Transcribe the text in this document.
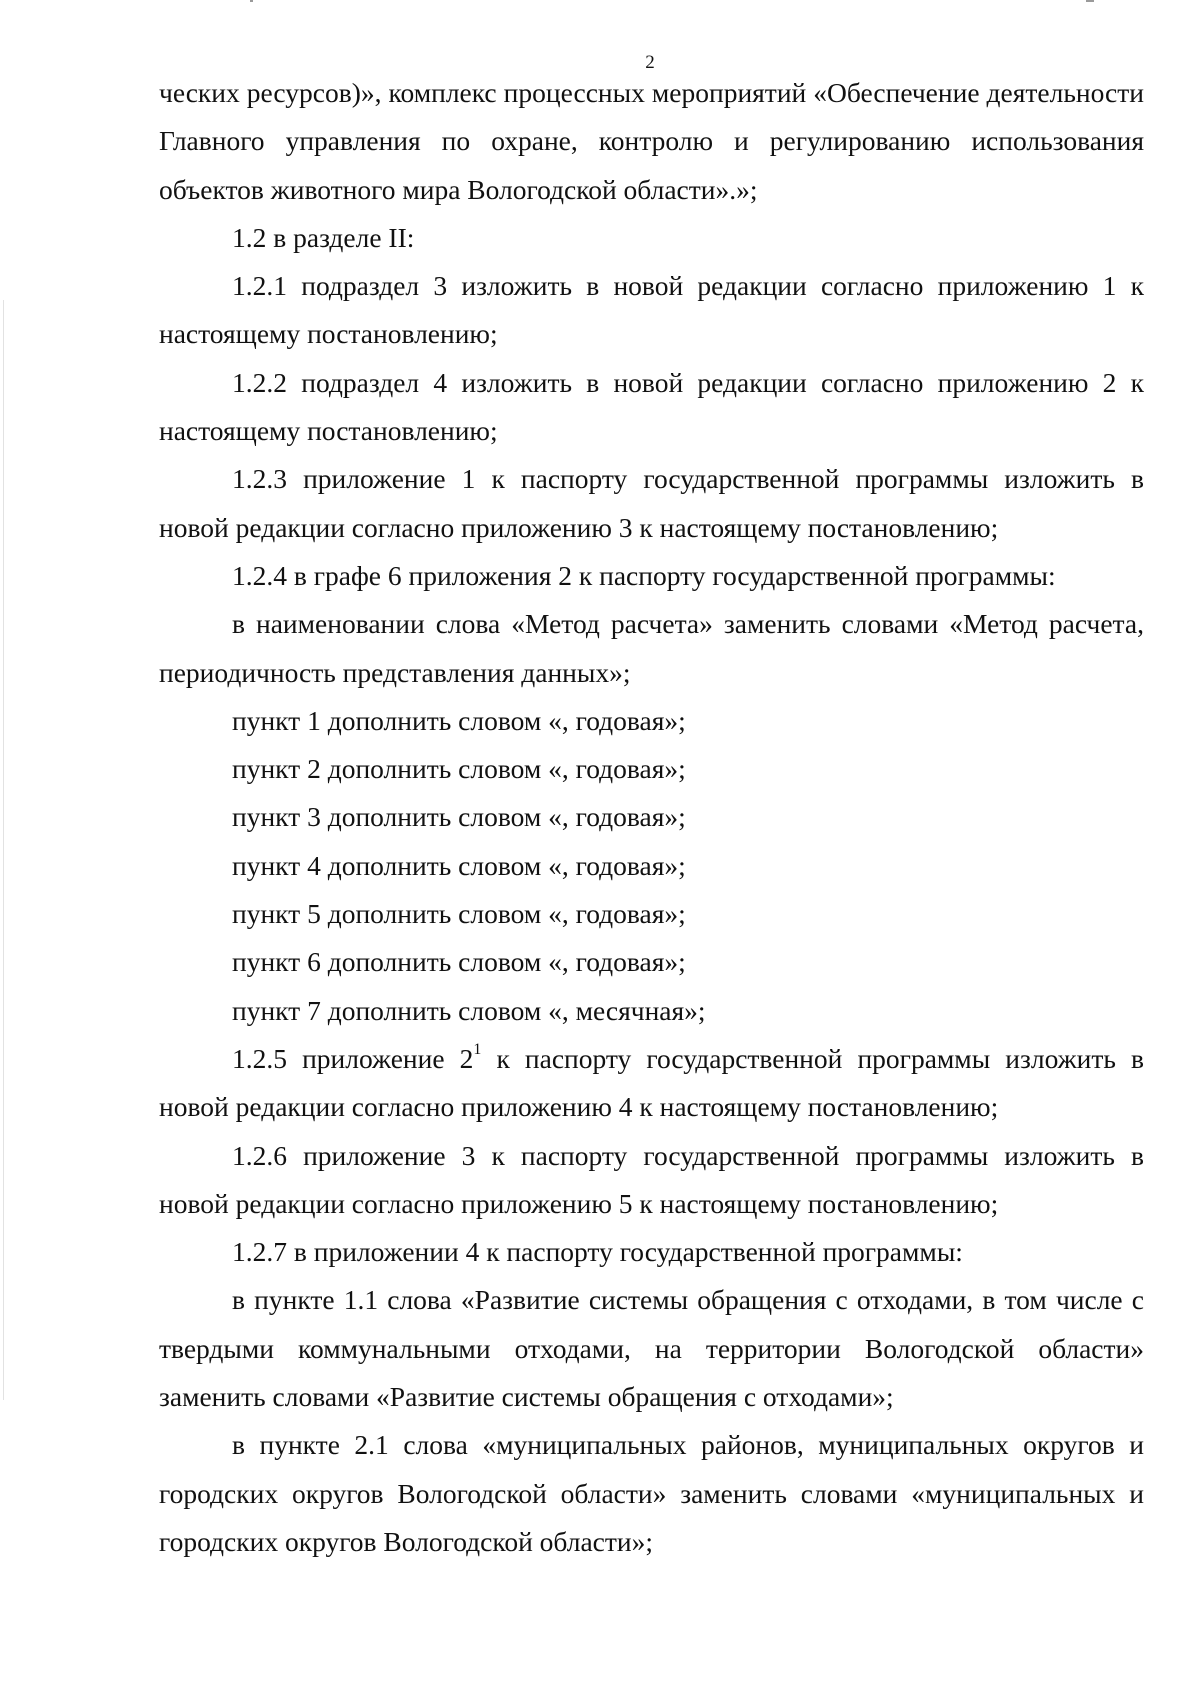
2

ческих ресурсов)», комплекс процессных мероприятий «Обеспечение деятельности Главного управления по охране, контролю и регулированию использования объектов животного мира Вологодской области».»;

1.2 в разделе II:

1.2.1 подраздел 3 изложить в новой редакции согласно приложению 1 к настоящему постановлению;

1.2.2 подраздел 4 изложить в новой редакции согласно приложению 2 к настоящему постановлению;

1.2.3 приложение 1 к паспорту государственной программы изложить в новой редакции согласно приложению 3 к настоящему постановлению;

1.2.4 в графе 6 приложения 2 к паспорту государственной программы:

в наименовании слова «Метод расчета» заменить словами «Метод расчета, периодичность представления данных»;

пункт 1 дополнить словом «, годовая»;

пункт 2 дополнить словом «, годовая»;

пункт 3 дополнить словом «, годовая»;

пункт 4 дополнить словом «, годовая»;

пункт 5 дополнить словом «, годовая»;

пункт 6 дополнить словом «, годовая»;

пункт 7 дополнить словом «, месячная»;

1.2.5 приложение $2^1$ к паспорту государственной программы изложить в новой редакции согласно приложению 4 к настоящему постановлению;

1.2.6 приложение 3 к паспорту государственной программы изложить в новой редакции согласно приложению 5 к настоящему постановлению;

1.2.7 в приложении 4 к паспорту государственной программы:

в пункте 1.1 слова «Развитие системы обращения с отходами, в том числе с твердыми коммунальными отходами, на территории Вологодской области» заменить словами «Развитие системы обращения с отходами»;

в пункте 2.1 слова «муниципальных районов, муниципальных округов и городских округов Вологодской области» заменить словами «муниципальных и городских округов Вологодской области»;
